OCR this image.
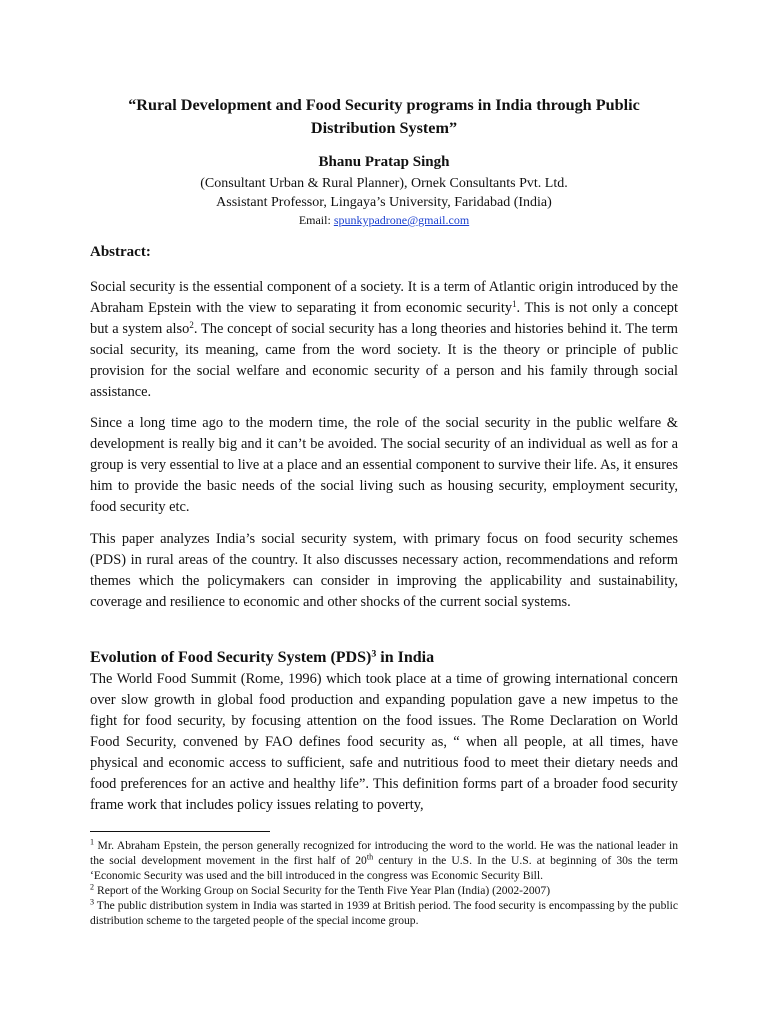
“Rural Development and Food Security programs in India through Public Distribution System”

Bhanu Pratap Singh

(Consultant Urban & Rural Planner), Ornek Consultants Pvt. Ltd.

Assistant Professor, Lingaya’s University, Faridabad (India)

Email: spunkypadrone@gmail.com

Abstract:

Social security is the essential component of a society. It is a term of Atlantic origin introduced by the Abraham Epstein with the view to separating it from economic security$^1$. This is not only a concept but a system also$^2$. The concept of social security has a long theories and histories behind it. The term social security, its meaning, came from the word society. It is the theory or principle of public provision for the social welfare and economic security of a person and his family through social assistance.

Since a long time ago to the modern time, the role of the social security in the public welfare & development is really big and it can’t be avoided. The social security of an individual as well as for a group is very essential to live at a place and an essential component to survive their life. As, it ensures him to provide the basic needs of the social living such as housing security, employment security, food security etc.

This paper analyzes India’s social security system, with primary focus on food security schemes (PDS) in rural areas of the country. It also discusses necessary action, recommendations and reform themes which the policymakers can consider in improving the applicability and sustainability, coverage and resilience to economic and other shocks of the current social systems.

Evolution of Food Security System (PDS)$^3$ in India

The World Food Summit (Rome, 1996) which took place at a time of growing international concern over slow growth in global food production and expanding population gave a new impetus to the fight for food security, by focusing attention on the food issues. The Rome Declaration on World Food Security, convened by FAO defines food security as, “ when all people, at all times, have physical and economic access to sufficient, safe and nutritious food to meet their dietary needs and food preferences for an active and healthy life”. This definition forms part of a broader food security frame work that includes policy issues relating to poverty,

$^1$ Mr. Abraham Epstein, the person generally recognized for introducing the word to the world. He was the national leader in the social development movement in the first half of 20th century in the U.S. In the U.S. at beginning of 30s the term ‘Economic Security was used and the bill introduced in the congress was Economic Security Bill.

$^2$ Report of the Working Group on Social Security for the Tenth Five Year Plan (India) (2002-2007)

$^3$ The public distribution system in India was started in 1939 at British period. The food security is encompassing by the public distribution scheme to the targeted people of the special income group.
